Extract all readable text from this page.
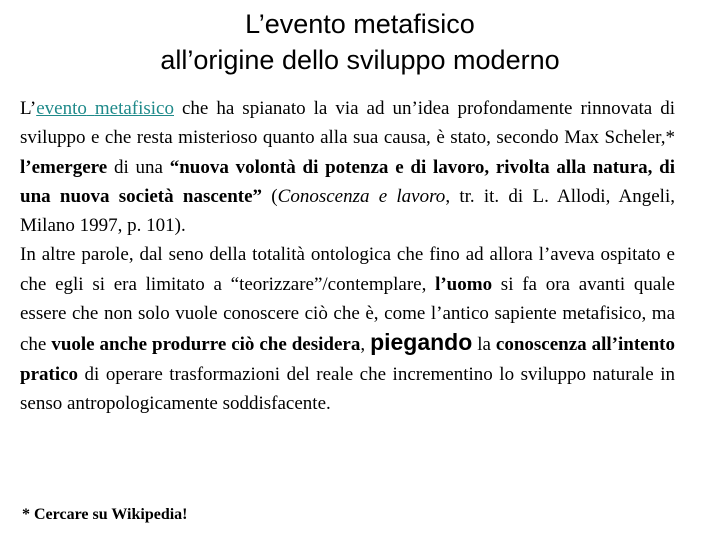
L’evento metafisico
all’origine dello sviluppo moderno

L’evento metafisico che ha spianato la via ad un’idea profondamente rinnovata di sviluppo e che resta misterioso quanto alla sua causa, è stato, secondo Max Scheler,* l’emergere di una “nuova volontà di potenza e di lavoro, rivolta alla natura, di una nuova società nascente” (Conoscenza e lavoro, tr. it. di L. Allodi, Angeli, Milano 1997, p. 101).

In altre parole, dal seno della totalità ontologica che fino ad allora l’aveva ospitato e che egli si era limitato a “teorizzare”/contemplare, l’uomo si fa ora avanti quale essere che non solo vuole conoscere ciò che è, come l’antico sapiente metafisico, ma che vuole anche produrre ciò che desidera, piegando la conoscenza all’intento pratico di operare trasformazioni del reale che incrementino lo sviluppo naturale in senso antropologicamente soddisfacente.

* Cercare su Wikipedia!
